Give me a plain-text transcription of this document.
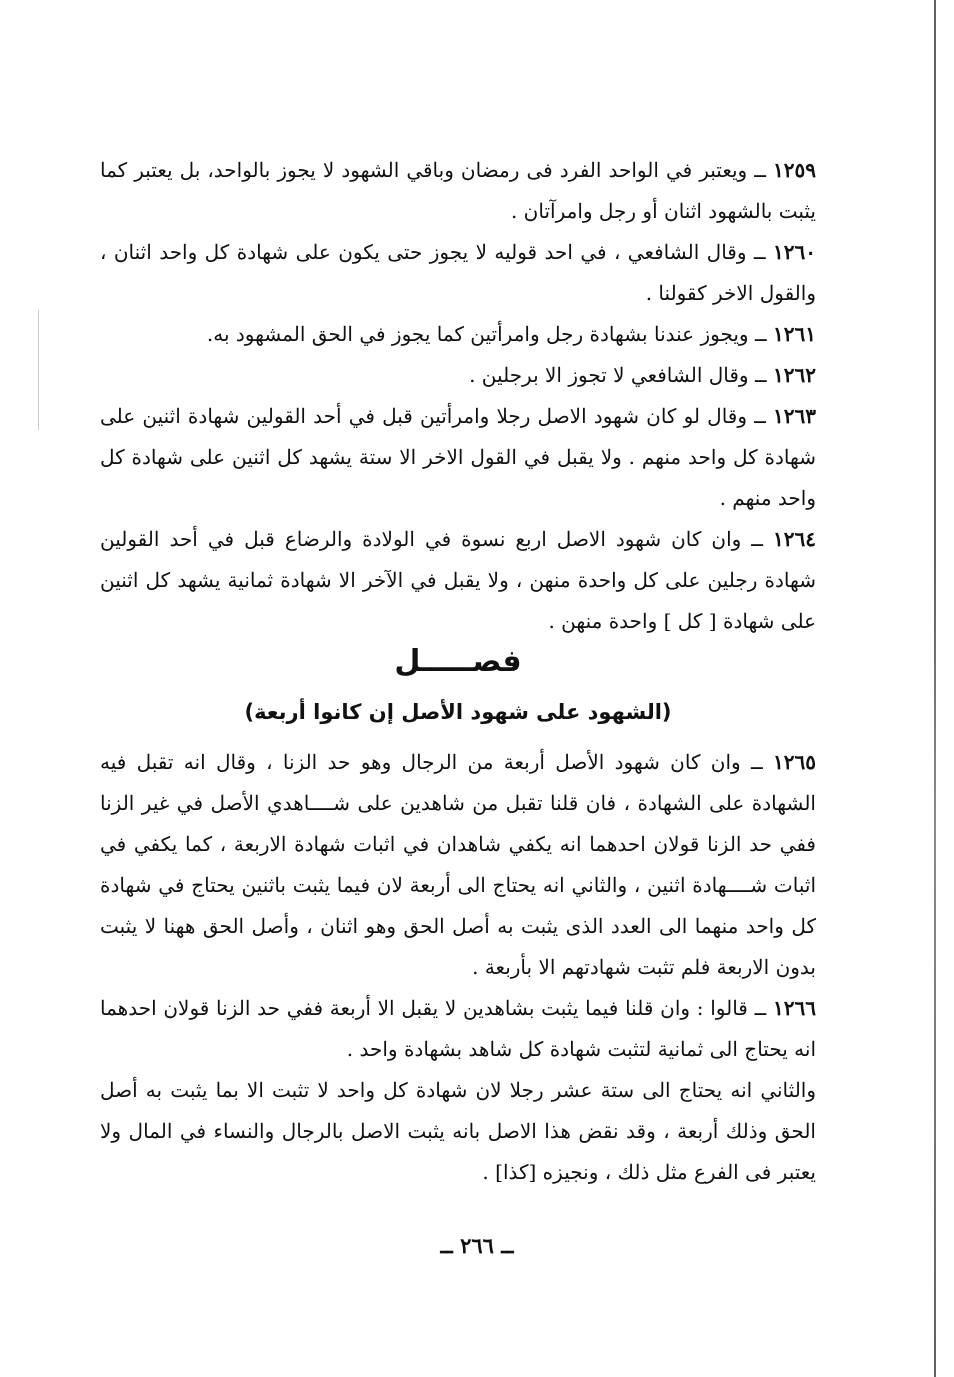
١٢٥٩ ــ ويعتبر في الواحد الفرد فى رمضان وباقي الشهود لا يجوز بالواحد، بل يعتبر كما يثبت بالشهود اثنان أو رجل وامرآتان .

١٢٦٠ ــ وقال الشافعي ، في احد قوليه لا يجوز حتى يكون على شهادة كل واحد اثنان ، والقول الاخر كقولنا .

١٢٦١ ــ ويجوز عندنا بشهادة رجل وامرأتين كما يجوز في الحق المشهود به.

١٢٦٢ ــ وقال الشافعي لا تجوز الا برجلين .

١٢٦٣ ــ وقال لو كان شهود الاصل رجلا وامرأتين قبل في أحد القولين شهادة اثنين على شهادة كل واحد منهم . ولا يقبل في القول الاخر الا ستة يشهد كل اثنين على شهادة كل واحد منهم .

١٢٦٤ ــ وان كان شهود الاصل اربع نسوة في الولادة والرضاع قبل في أحد القولين شهادة رجلين على كل واحدة منهن ، ولا يقبل في الآخر الا شهادة ثمانية يشهد كل اثنين على شهادة [ كل ] واحدة منهن .

فصـــــل
(الشهود على شهود الأصل إن كانوا أربعة)

١٢٦٥ ــ وان كان شهود الأصل أربعة من الرجال وهو حد الزنا ، وقال انه تقبل فيه الشهادة على الشهادة ، فان قلنا تقبل من شاهدين على شــــاهدي الأصل في غير الزنا ففي حد الزنا قولان احدهما انه يكفي شاهدان في اثبات شهادة الاربعة ، كما يكفي في اثبات شــــهادة اثنين ، والثاني انه يحتاج الى أربعة لان فيما يثبت باثنين يحتاج في شهادة كل واحد منهما الى العدد الذى يثبت به أصل الحق وهو اثنان ، وأصل الحق ههنا لا يثبت بدون الاربعة فلم تثبت شهادتهم الا بأربعة .

١٢٦٦ ــ قالوا : وان قلنا فيما يثبت بشاهدين لا يقبل الا أربعة ففي حد الزنا قولان احدهما انه يحتاج الى ثمانية لتثبت شهادة كل شاهد بشهادة واحد .

والثاني انه يحتاج الى ستة عشر رجلا لان شهادة كل واحد لا تثبت الا بما يثبت به أصل الحق وذلك أربعة ، وقد نقض هذا الاصل بانه يثبت الاصل بالرجال والنساء في المال ولا يعتبر فى الفرع مثل ذلك ، ونجيزه [كذا] .

ــ ٢٦٦ ــ
